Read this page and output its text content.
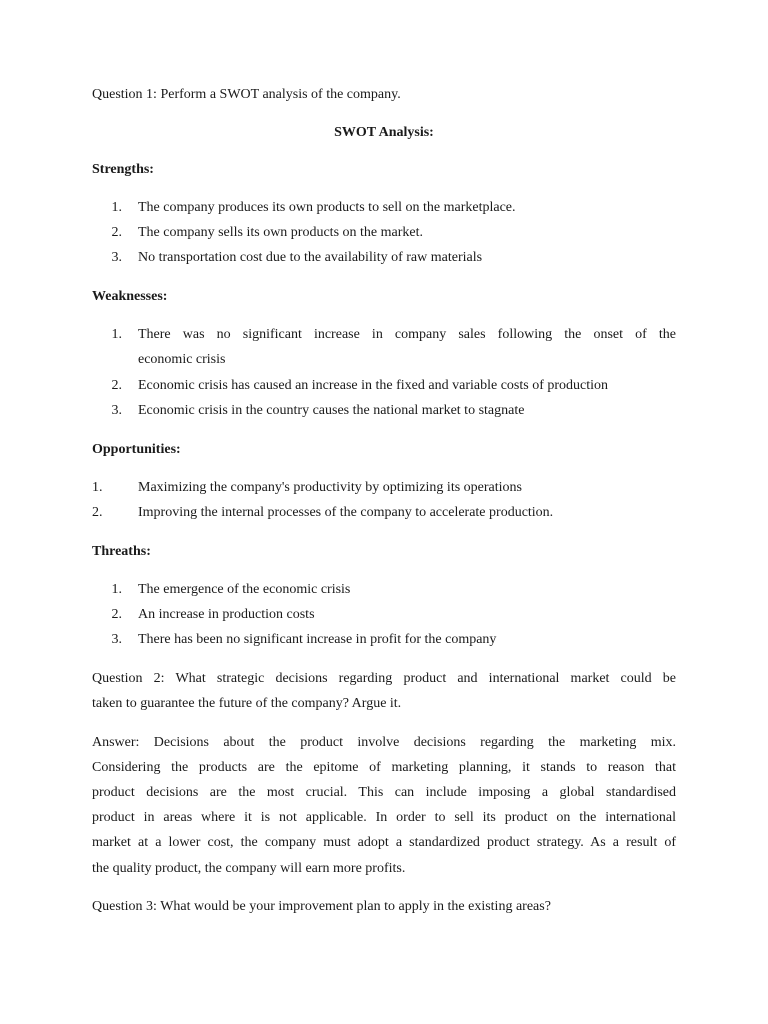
Question 1: Perform a SWOT analysis of the company.

SWOT Analysis:

Strengths:

1. The company produces its own products to sell on the marketplace.
2. The company sells its own products on the market.
3. No transportation cost due to the availability of raw materials

Weaknesses:

1. There was no significant increase in company sales following the onset of the
economic crisis
2. Economic crisis has caused an increase in the fixed and variable costs of production
3. Economic crisis in the country causes the national market to stagnate

Opportunities:

1.	Maximizing the company's productivity by optimizing its operations
2.	Improving the internal processes of the company to accelerate production.

Threaths:

1. The emergence of the economic crisis
2. An increase in production costs
3. There has been no significant increase in profit for the company

Question 2: What strategic decisions regarding product and international market could be

taken to guarantee the future of the company? Argue it.

Answer: Decisions about the product involve decisions regarding the marketing mix.

Considering the products are the epitome of marketing planning, it stands to reason that

product decisions are the most crucial. This can include imposing a global standardised

product in areas where it is not applicable. In order to sell its product on the international

market at a lower cost, the company must adopt a standardized product strategy. As a result of

the quality product, the company will earn more profits.

Question 3: What would be your improvement plan to apply in the existing areas?
